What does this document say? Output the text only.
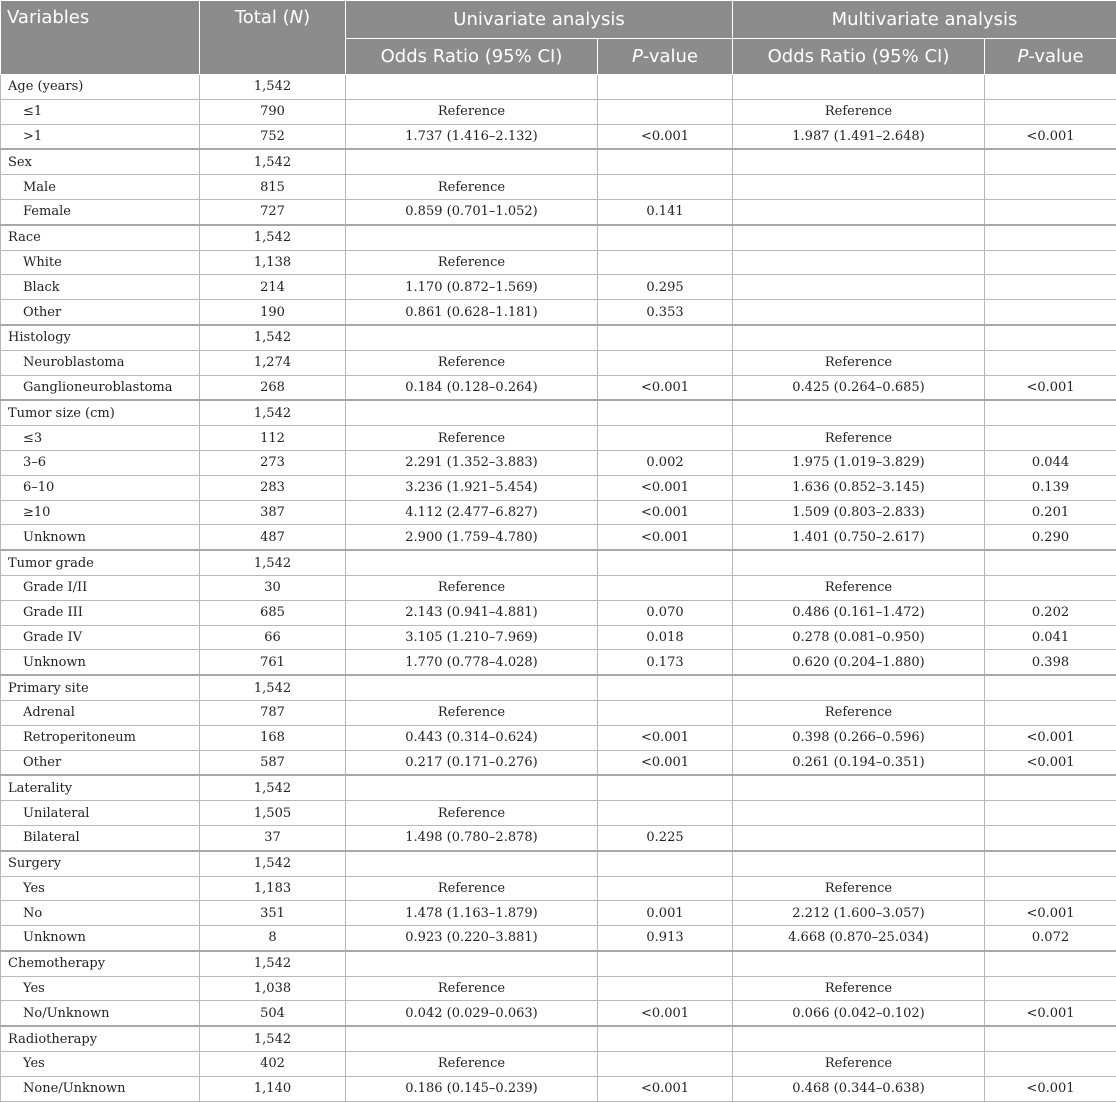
Variables	Total (N)	Univariate analysis		Multivariate analysis	
		Odds Ratio (95% CI)	P-value	Odds Ratio (95% CI)	P-value
Age (years)	1,542				
≤1	790	Reference		Reference	
>1	752	1.737 (1.416–2.132)	<0.001	1.987 (1.491–2.648)	<0.001
Sex	1,542				
Male	815	Reference			
Female	727	0.859 (0.701–1.052)	0.141		
Race	1,542				
White	1,138	Reference			
Black	214	1.170 (0.872–1.569)	0.295		
Other	190	0.861 (0.628–1.181)	0.353		
Histology	1,542				
Neuroblastoma	1,274	Reference		Reference	
Ganglioneuroblastoma	268	0.184 (0.128–0.264)	<0.001	0.425 (0.264–0.685)	<0.001
Tumor size (cm)	1,542				
≤3	112	Reference		Reference	
3–6	273	2.291 (1.352–3.883)	0.002	1.975 (1.019–3.829)	0.044
6–10	283	3.236 (1.921–5.454)	<0.001	1.636 (0.852–3.145)	0.139
≥10	387	4.112 (2.477–6.827)	<0.001	1.509 (0.803–2.833)	0.201
Unknown	487	2.900 (1.759–4.780)	<0.001	1.401 (0.750–2.617)	0.290
Tumor grade	1,542				
Grade I/II	30	Reference		Reference	
Grade III	685	2.143 (0.941–4.881)	0.070	0.486 (0.161–1.472)	0.202
Grade IV	66	3.105 (1.210–7.969)	0.018	0.278 (0.081–0.950)	0.041
Unknown	761	1.770 (0.778–4.028)	0.173	0.620 (0.204–1.880)	0.398
Primary site	1,542				
Adrenal	787	Reference		Reference	
Retroperitoneum	168	0.443 (0.314–0.624)	<0.001	0.398 (0.266–0.596)	<0.001
Other	587	0.217 (0.171–0.276)	<0.001	0.261 (0.194–0.351)	<0.001
Laterality	1,542				
Unilateral	1,505	Reference			
Bilateral	37	1.498 (0.780–2.878)	0.225		
Surgery	1,542				
Yes	1,183	Reference		Reference	
No	351	1.478 (1.163–1.879)	0.001	2.212 (1.600–3.057)	<0.001
Unknown	8	0.923 (0.220–3.881)	0.913	4.668 (0.870–25.034)	0.072
Chemotherapy	1,542				
Yes	1,038	Reference		Reference	
No/Unknown	504	0.042 (0.029–0.063)	<0.001	0.066 (0.042–0.102)	<0.001
Radiotherapy	1,542				
Yes	402	Reference		Reference	
None/Unknown	1,140	0.186 (0.145–0.239)	<0.001	0.468 (0.344–0.638)	<0.001
